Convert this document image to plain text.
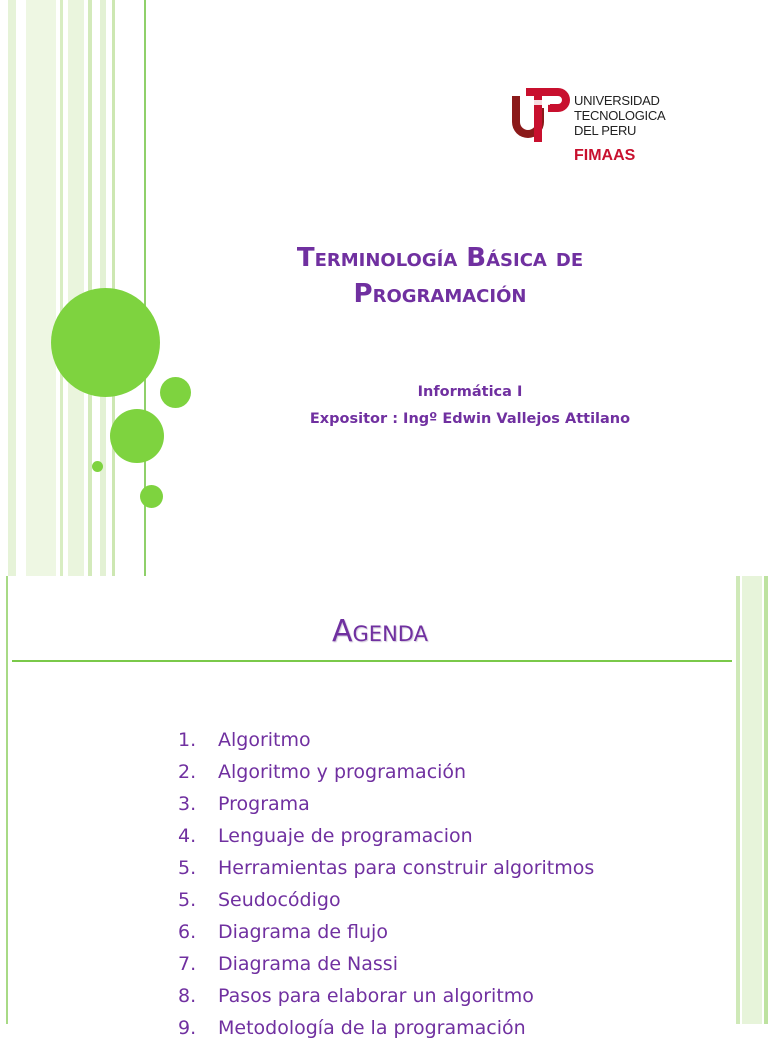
UNIVERSIDAD
TECNOLOGICA
DEL PERU
FIMAAS
Terminología Básica de
Programación
Informática I
Expositor : Ingº Edwin Vallejos Attilano
Agenda
1. Algoritmo
2. Algoritmo y programación
3. Programa
4. Lenguaje de programacion
5. Herramientas para construir algoritmos
5. Seudocódigo
6. Diagrama de flujo
7. Diagrama de Nassi
8. Pasos para elaborar un algoritmo
9. Metodología de la programación
